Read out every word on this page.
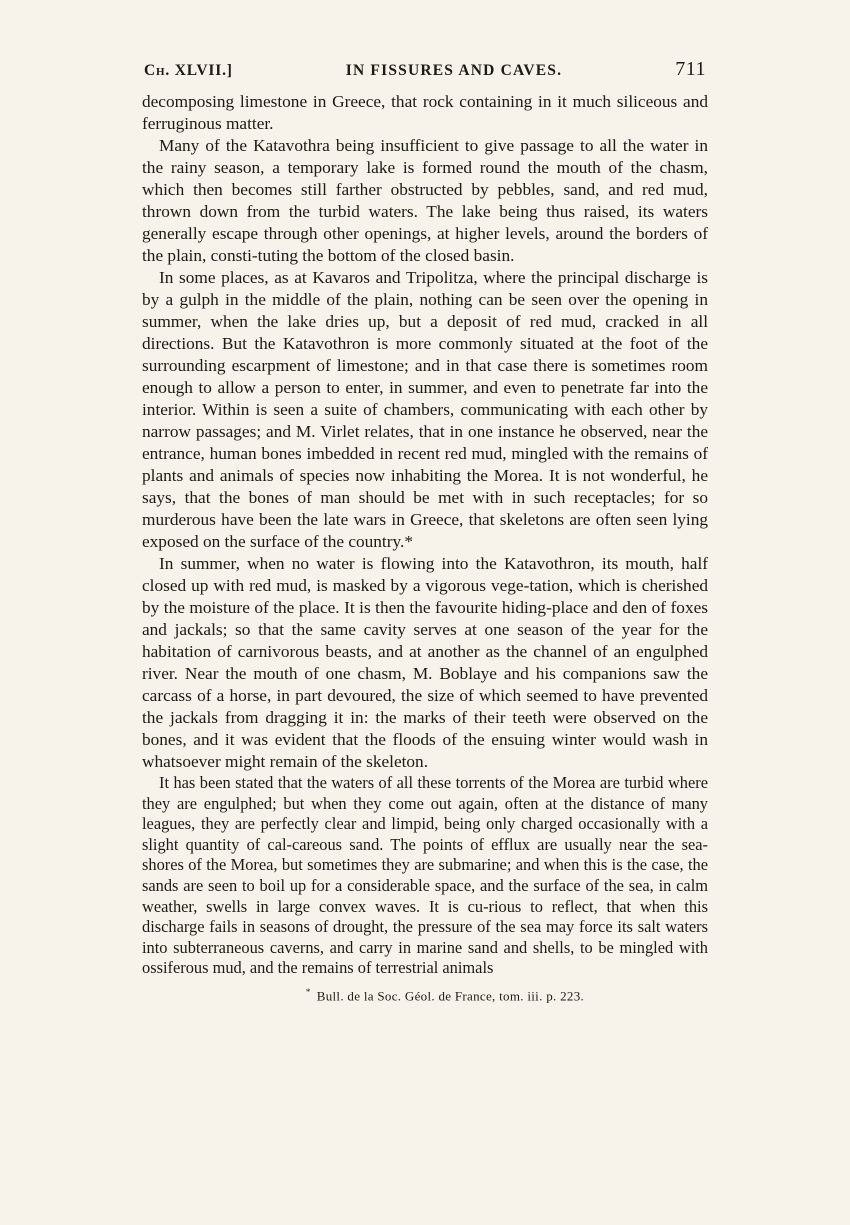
Ch. XLVII.]	IN FISSURES AND CAVES.	711

decomposing limestone in Greece, that rock containing in it much siliceous and ferruginous matter.

Many of the Katavothra being insufficient to give passage to all the water in the rainy season, a temporary lake is formed round the mouth of the chasm, which then becomes still farther obstructed by pebbles, sand, and red mud, thrown down from the turbid waters. The lake being thus raised, its waters generally escape through other openings, at higher levels, around the borders of the plain, consti-tuting the bottom of the closed basin.

In some places, as at Kavaros and Tripolitza, where the principal discharge is by a gulph in the middle of the plain, nothing can be seen over the opening in summer, when the lake dries up, but a deposit of red mud, cracked in all directions. But the Katavothron is more commonly situated at the foot of the surrounding escarpment of limestone; and in that case there is sometimes room enough to allow a person to enter, in summer, and even to penetrate far into the interior. Within is seen a suite of chambers, communicating with each other by narrow passages; and M. Virlet relates, that in one instance he observed, near the entrance, human bones imbedded in recent red mud, mingled with the remains of plants and animals of species now inhabiting the Morea. It is not wonderful, he says, that the bones of man should be met with in such receptacles; for so murderous have been the late wars in Greece, that skeletons are often seen lying exposed on the surface of the country.*

In summer, when no water is flowing into the Katavothron, its mouth, half closed up with red mud, is masked by a vigorous vege-tation, which is cherished by the moisture of the place. It is then the favourite hiding-place and den of foxes and jackals; so that the same cavity serves at one season of the year for the habitation of carnivorous beasts, and at another as the channel of an engulphed river. Near the mouth of one chasm, M. Boblaye and his companions saw the carcass of a horse, in part devoured, the size of which seemed to have prevented the jackals from dragging it in: the marks of their teeth were observed on the bones, and it was evident that the floods of the ensuing winter would wash in whatsoever might remain of the skeleton.

It has been stated that the waters of all these torrents of the Morea are turbid where they are engulphed; but when they come out again, often at the distance of many leagues, they are perfectly clear and limpid, being only charged occasionally with a slight quantity of cal-careous sand. The points of efflux are usually near the sea-shores of the Morea, but sometimes they are submarine; and when this is the case, the sands are seen to boil up for a considerable space, and the surface of the sea, in calm weather, swells in large convex waves. It is cu-rious to reflect, that when this discharge fails in seasons of drought, the pressure of the sea may force its salt waters into subterraneous caverns, and carry in marine sand and shells, to be mingled with ossiferous mud, and the remains of terrestrial animals

* Bull. de la Soc. Géol. de France, tom. iii. p. 223.
